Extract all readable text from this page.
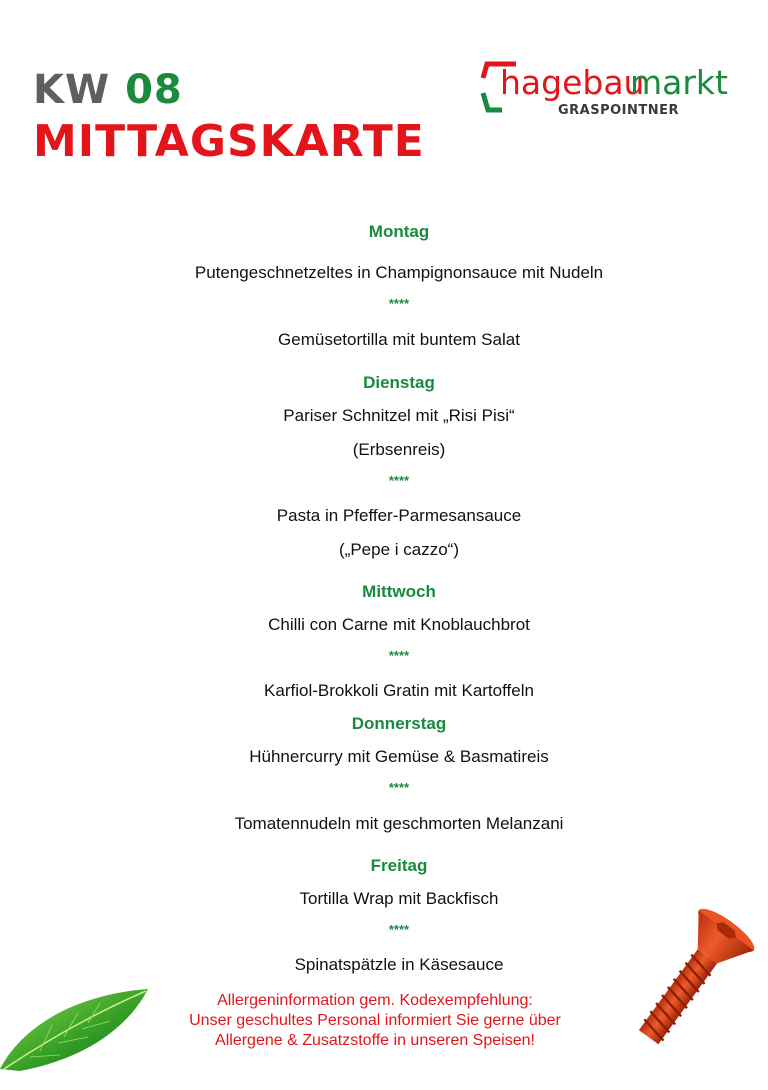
KW 08
MITTAGSKARTE
hagebau
markt
GRASPOINTNER
Montag
Putengeschnetzeltes in Champignonsauce mit Nudeln
****
Gemüsetortilla mit buntem Salat
Dienstag
Pariser Schnitzel mit „Risi Pisi“
(Erbsenreis)
****
Pasta in Pfeffer-Parmesansauce
(„Pepe i cazzo“)
Mittwoch
Chilli con Carne mit Knoblauchbrot
****
Karfiol-Brokkoli Gratin mit Kartoffeln
Donnerstag
Hühnercurry mit Gemüse & Basmatireis
****
Tomatennudeln mit geschmorten Melanzani
Freitag
Tortilla Wrap mit Backfisch
****
Spinatspätzle in Käsesauce
Allergeninformation gem. Kodexempfehlung:
Unser geschultes Personal informiert Sie gerne über
Allergene & Zusatzstoffe in unseren Speisen!
